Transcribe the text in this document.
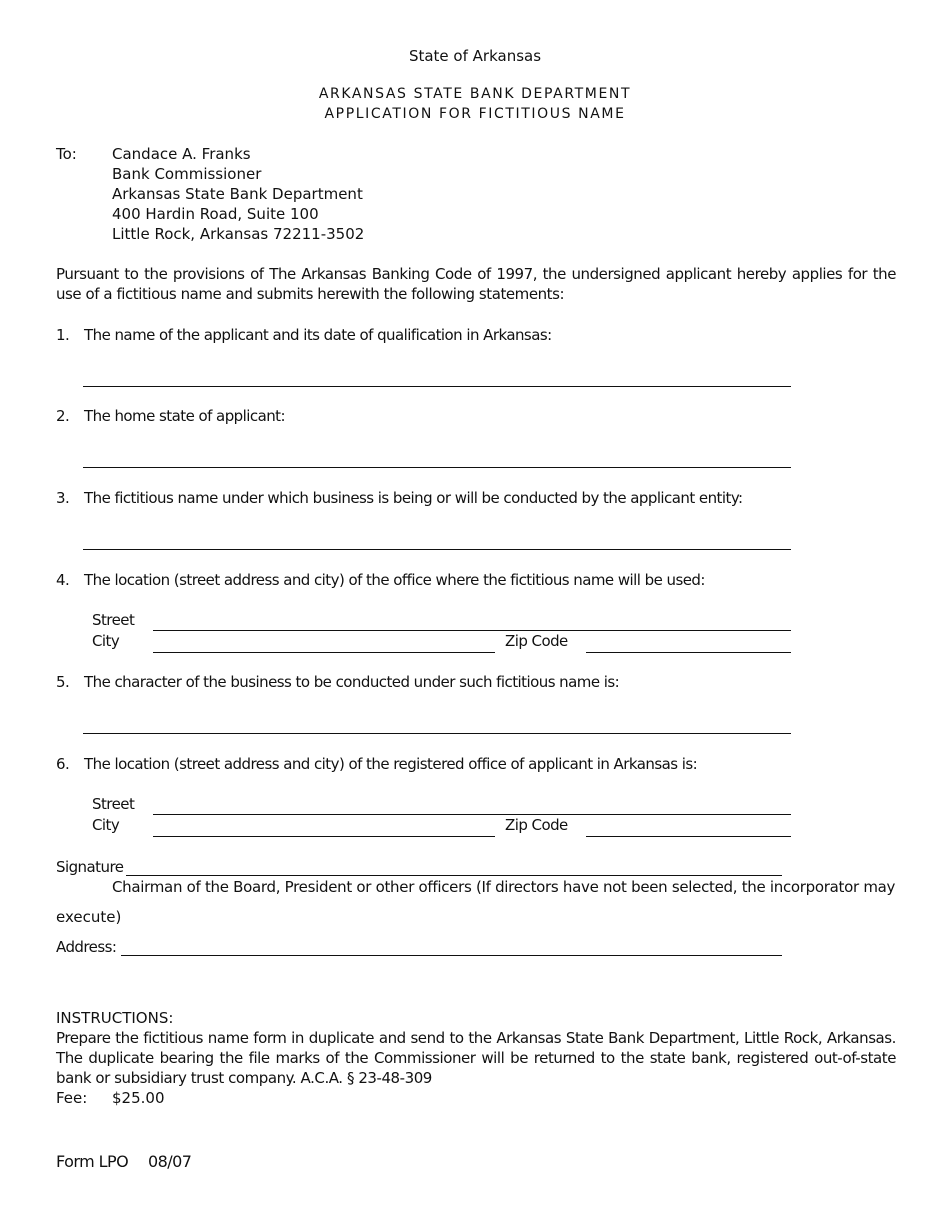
State of Arkansas
ARKANSAS STATE BANK DEPARTMENT
APPLICATION FOR FICTITIOUS NAME
To: Candace A. Franks
Bank Commissioner
Arkansas State Bank Department
400 Hardin Road, Suite 100
Little Rock, Arkansas 72211-3502
Pursuant to the provisions of The Arkansas Banking Code of 1997, the undersigned applicant hereby applies for the use of a fictitious name and submits herewith the following statements:
1. The name of the applicant and its date of qualification in Arkansas:
2. The home state of applicant:
3. The fictitious name under which business is being or will be conducted by the applicant entity:
4. The location (street address and city) of the office where the fictitious name will be used:
Street
City	Zip Code
5. The character of the business to be conducted under such fictitious name is:
6. The location (street address and city) of the registered office of applicant in Arkansas is:
Street
City	Zip Code
Signature
Chairman of the Board, President or other officers (If directors have not been selected, the incorporator may
execute)
Address:
INSTRUCTIONS:
Prepare the fictitious name form in duplicate and send to the Arkansas State Bank Department, Little Rock, Arkansas. The duplicate bearing the file marks of the Commissioner will be returned to the state bank, registered out-of-state bank or subsidiary trust company. A.C.A. § 23-48-309
Fee: $25.00
Form LPO 08/07
